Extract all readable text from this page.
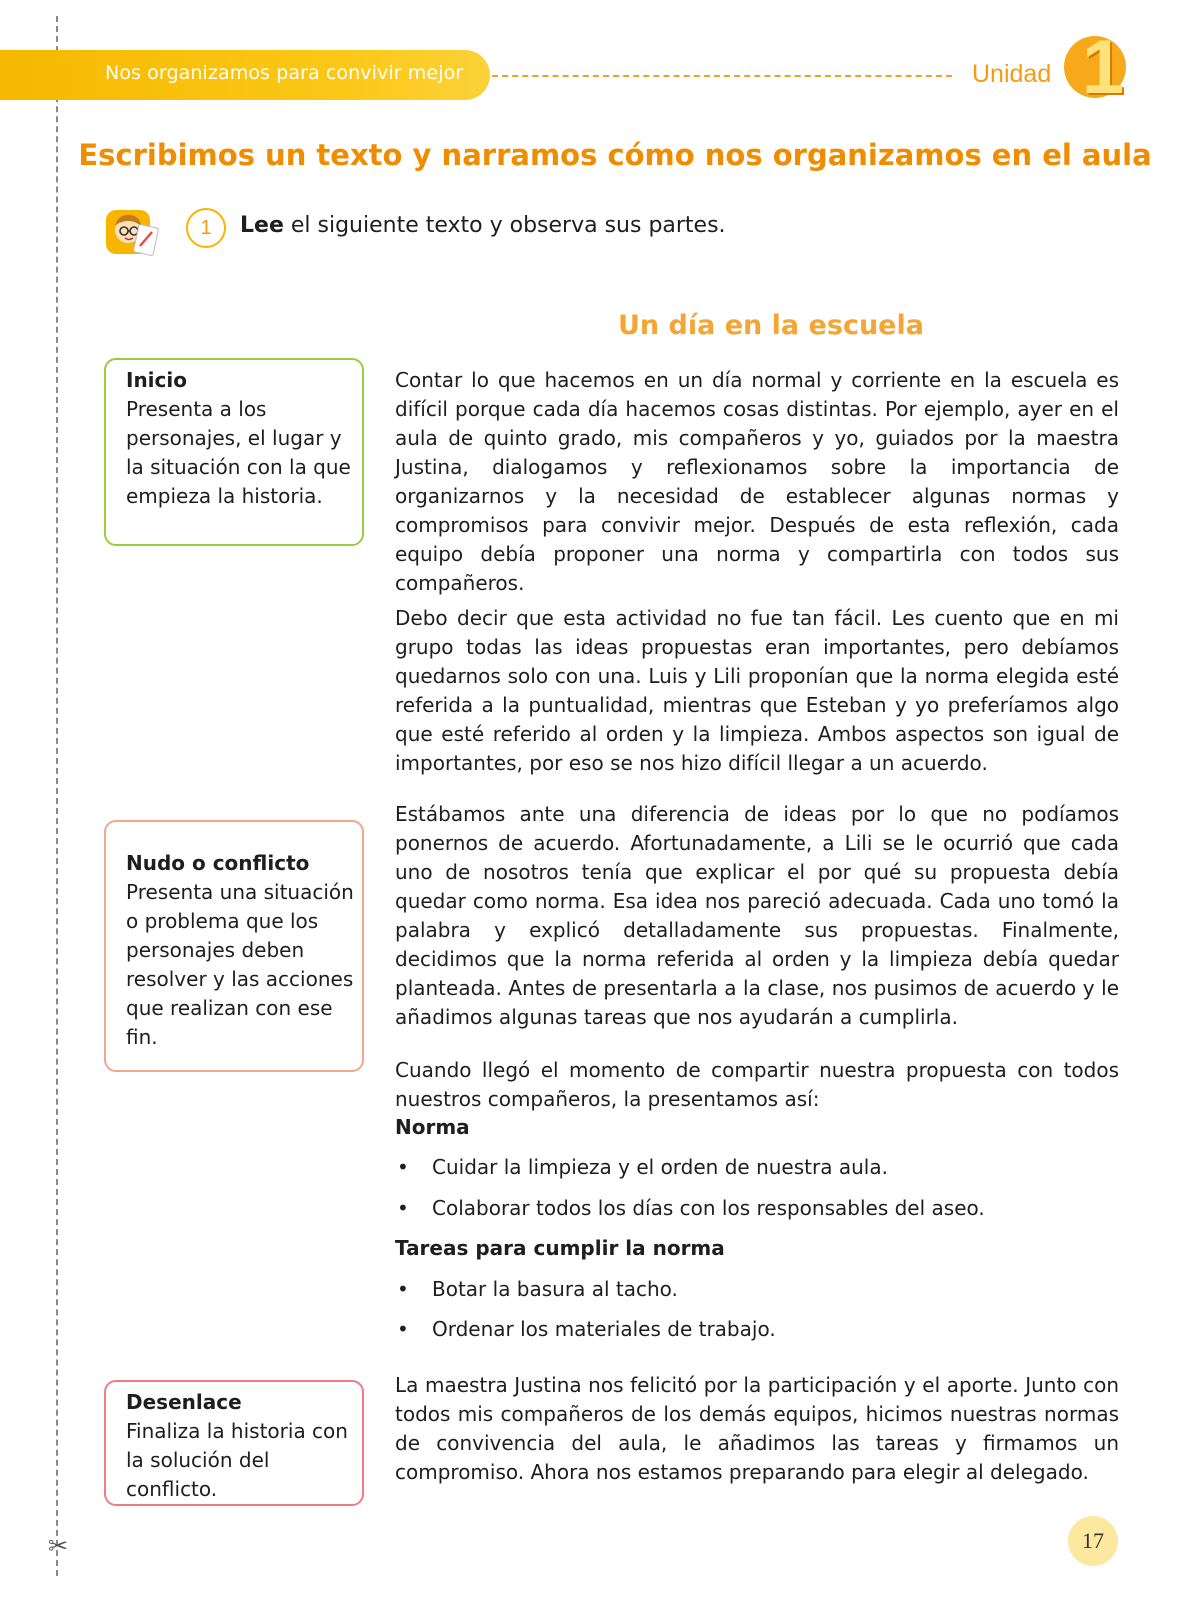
✂
Nos organizamos para convivir mejor	Unidad 1
Escribimos un texto y narramos cómo nos organizamos en el aula
1	Lee el siguiente texto y observa sus partes.
Un día en la escuela
Inicio
Presenta a los personajes, el lugar y la situación con la que empieza la historia.
Nudo o conflicto
Presenta una situación o problema que los personajes deben resolver y las acciones que realizan con ese fin.
Desenlace
Finaliza la historia con la solución del conflicto.

Contar lo que hacemos en un día normal y corriente en la escuela es difícil porque cada día hacemos cosas distintas. Por ejemplo, ayer en el aula de quinto grado, mis compañeros y yo, guiados por la maestra Justina, dialogamos y reflexionamos sobre la importancia de organizarnos y la necesidad de establecer algunas normas y compromisos para convivir mejor. Después de esta reflexión, cada equipo debía proponer una norma y compartirla con todos sus compañeros.

Debo decir que esta actividad no fue tan fácil. Les cuento que en mi grupo todas las ideas propuestas eran importantes, pero debíamos quedarnos solo con una. Luis y Lili proponían que la norma elegida esté referida a la puntualidad, mientras que Esteban y yo preferíamos algo que esté referido al orden y la limpieza. Ambos aspectos son igual de importantes, por eso se nos hizo difícil llegar a un acuerdo.

Estábamos ante una diferencia de ideas por lo que no podíamos ponernos de acuerdo. Afortunadamente, a Lili se le ocurrió que cada uno de nosotros tenía que explicar el por qué su propuesta debía quedar como norma. Esa idea nos pareció adecuada. Cada uno tomó la palabra y explicó detalladamente sus propuestas. Finalmente, decidimos que la norma referida al orden y la limpieza debía quedar planteada. Antes de presentarla a la clase, nos pusimos de acuerdo y le añadimos algunas tareas que nos ayudarán a cumplirla.

Cuando llegó el momento de compartir nuestra propuesta con todos nuestros compañeros, la presentamos así:

Norma
• Cuidar la limpieza y el orden de nuestra aula.
• Colaborar todos los días con los responsables del aseo.
Tareas para cumplir la norma
• Botar la basura al tacho.
• Ordenar los materiales de trabajo.

La maestra Justina nos felicitó por la participación y el aporte. Junto con todos mis compañeros de los demás equipos, hicimos nuestras normas de convivencia del aula, le añadimos las tareas y firmamos un compromiso. Ahora nos estamos preparando para elegir al delegado.

17
